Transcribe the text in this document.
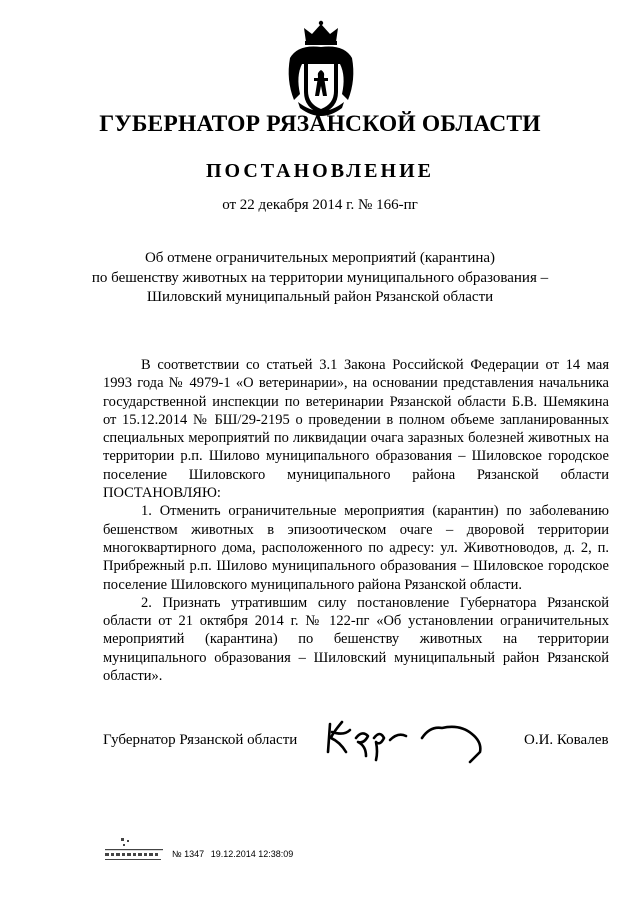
ГУБЕРНАТОР РЯЗАНСКОЙ ОБЛАСТИ
ПОСТАНОВЛЕНИЕ
от 22 декабря 2014 г. № 166-пг
Об отмене ограничительных мероприятий (карантина)
по бешенству животных на территории муниципального образования –
Шиловский муниципальный район Рязанской области

В соответствии со статьей 3.1 Закона Российской Федерации от 14 мая 1993 года № 4979-1 «О ветеринарии», на основании представления начальника государственной инспекции по ветеринарии Рязанской области Б.В. Шемякина от 15.12.2014 № БШ/29-2195 о проведении в полном объеме запланированных специальных мероприятий по ликвидации очага заразных болезней животных на территории р.п. Шилово муниципального образования – Шиловское городское поселение Шиловского муниципального района Рязанской области ПОСТАНОВЛЯЮ:

1. Отменить ограничительные мероприятия (карантин) по заболеванию бешенством животных в эпизоотическом очаге – дворовой территории многоквартирного дома, расположенного по адресу: ул. Животноводов, д. 2, п. Прибрежный р.п. Шилово муниципального образования – Шиловское городское поселение Шиловского муниципального района Рязанской области.

2. Признать утратившим силу постановление Губернатора Рязанской области от 21 октября 2014 г. № 122-пг «Об установлении ограничительных мероприятий (карантина) по бешенству животных на территории муниципального образования – Шиловский муниципальный район Рязанской области».

Губернатор Рязанской области	О.И. Ковалев
№ 1347 19.12.2014 12:38:09
